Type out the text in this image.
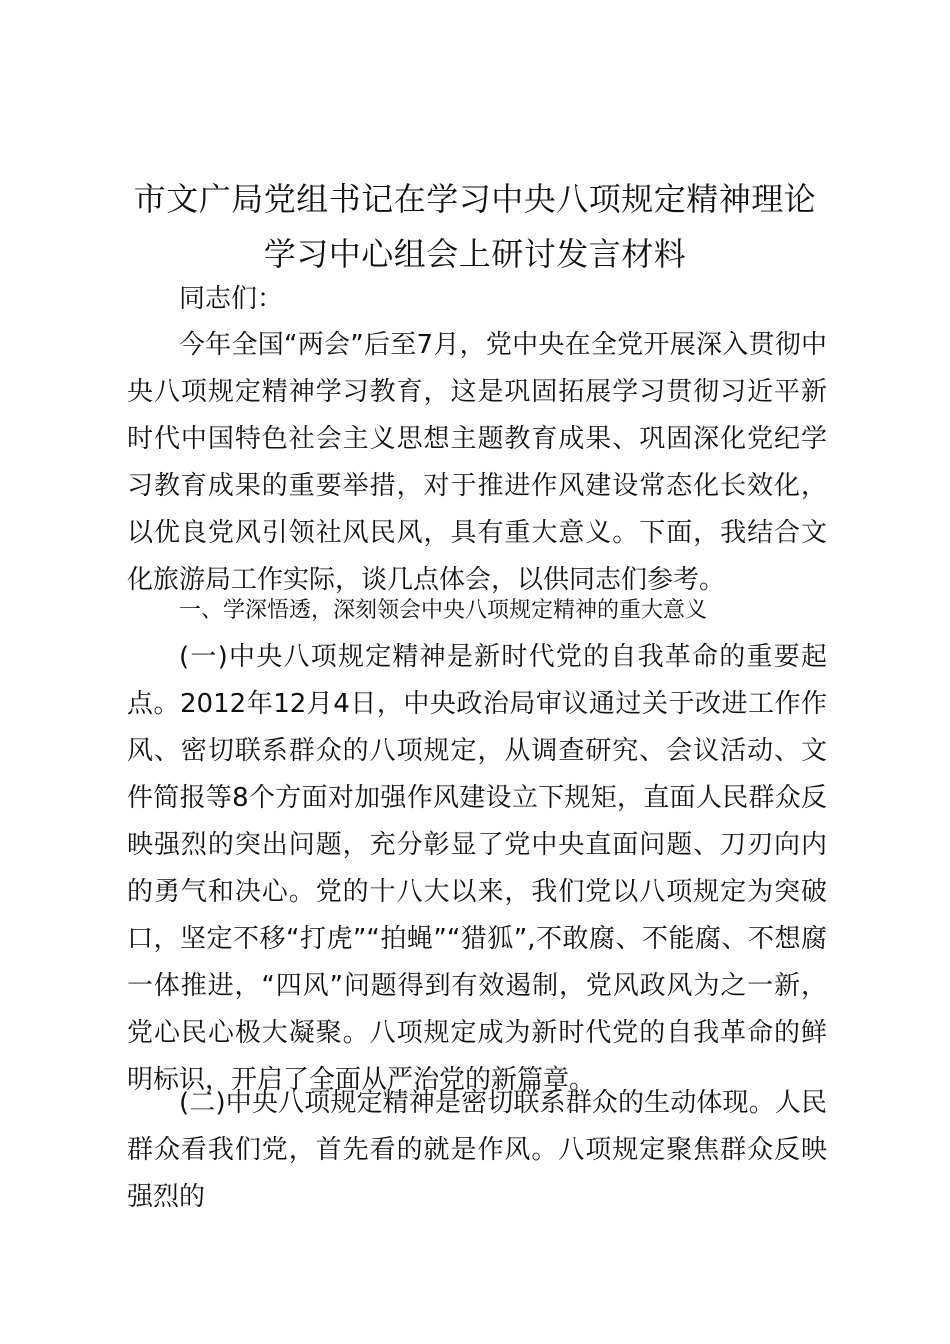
市文广局党组书记在学习中央八项规定精神理论学习中心组会上研讨发言材料
同志们：
今年全国“两会”后至7月，党中央在全党开展深入贯彻中央八项规定精神学习教育，这是巩固拓展学习贯彻习近平新时代中国特色社会主义思想主题教育成果、巩固深化党纪学习教育成果的重要举措，对于推进作风建设常态化长效化，以优良党风引领社风民风，具有重大意义。下面，我结合文化旅游局工作实际，谈几点体会，以供同志们参考。
一、学深悟透，深刻领会中央八项规定精神的重大意义
(一)中央八项规定精神是新时代党的自我革命的重要起点。2012年12月4日，中央政治局审议通过关于改进工作作风、密切联系群众的八项规定，从调查研究、会议活动、文件简报等8个方面对加强作风建设立下规矩，直面人民群众反映强烈的突出问题，充分彰显了党中央直面问题、刀刃向内的勇气和决心。党的十八大以来，我们党以八项规定为突破口，坚定不移“打虎”“拍蝇”“猎狐”,不敢腐、不能腐、不想腐一体推进，“四风”问题得到有效遏制，党风政风为之一新，党心民心极大凝聚。八项规定成为新时代党的自我革命的鲜明标识，开启了全面从严治党的新篇章。
(二)中央八项规定精神是密切联系群众的生动体现。人民群众看我们党，首先看的就是作风。八项规定聚焦群众反映强烈的
